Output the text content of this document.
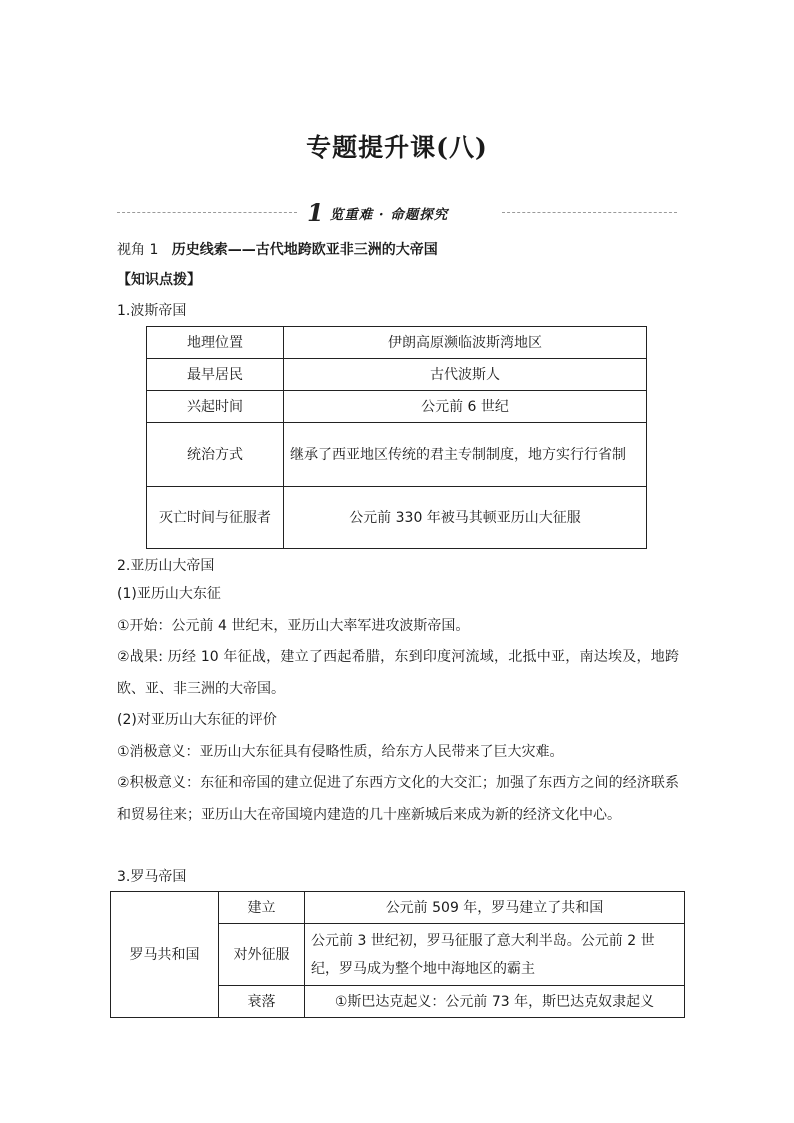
专题提升课(八)
1 览重难 · 命题探究
视角 1 历史线索——古代地跨欧亚非三洲的大帝国
【知识点拨】
1.波斯帝国
地理位置	伊朗高原濒临波斯湾地区
最早居民	古代波斯人
兴起时间	公元前 6 世纪
统治方式	继承了西亚地区传统的君主专制制度，地方实行行省制
灭亡时间与征服者	公元前 330 年被马其顿亚历山大征服
2.亚历山大帝国
(1)亚历山大东征
①开始：公元前 4 世纪末，亚历山大率军进攻波斯帝国。
②战果: 历经 10 年征战，建立了西起希腊，东到印度河流域，北抵中亚，南达埃及，地跨欧、亚、非三洲的大帝国。
(2)对亚历山大东征的评价
①消极意义：亚历山大东征具有侵略性质，给东方人民带来了巨大灾难。
②积极意义：东征和帝国的建立促进了东西方文化的大交汇；加强了东西方之间的经济联系和贸易往来；亚历山大在帝国境内建造的几十座新城后来成为新的经济文化中心。
3.罗马帝国
罗马共和国	建立	公元前 509 年，罗马建立了共和国
	对外征服	公元前 3 世纪初，罗马征服了意大利半岛。公元前 2 世纪，罗马成为整个地中海地区的霸主
	衰落	①斯巴达克起义：公元前 73 年，斯巴达克奴隶起义
